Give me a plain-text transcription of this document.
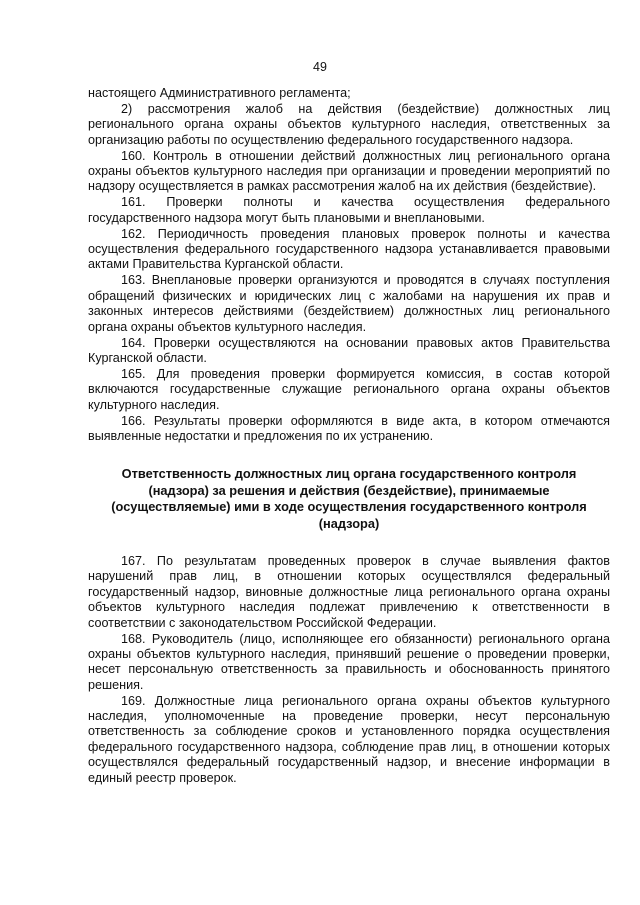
49
настоящего Административного регламента;
2) рассмотрения жалоб на действия (бездействие) должностных лиц регионального органа охраны объектов культурного наследия, ответственных за организацию работы по осуществлению федерального государственного надзора.
160. Контроль в отношении действий должностных лиц регионального органа охраны объектов культурного наследия при организации и проведении мероприятий по надзору осуществляется в рамках рассмотрения жалоб на их действия (бездействие).
161. Проверки полноты и качества осуществления федерального государственного надзора могут быть плановыми и внеплановыми.
162. Периодичность проведения плановых проверок полноты и качества осуществления федерального государственного надзора устанавливается правовыми актами Правительства Курганской области.
163. Внеплановые проверки организуются и проводятся в случаях поступления обращений физических и юридических лиц с жалобами на нарушения их прав и законных интересов действиями (бездействием) должностных лиц регионального органа охраны объектов культурного наследия.
164. Проверки осуществляются на основании правовых актов Правительства Курганской области.
165. Для проведения проверки формируется комиссия, в состав которой включаются государственные служащие регионального органа охраны объектов культурного наследия.
166. Результаты проверки оформляются в виде акта, в котором отмечаются выявленные недостатки и предложения по их устранению.
Ответственность должностных лиц органа государственного контроля (надзора) за решения и действия (бездействие), принимаемые (осуществляемые) ими в ходе осуществления государственного контроля (надзора)
167. По результатам проведенных проверок в случае выявления фактов нарушений прав лиц, в отношении которых осуществлялся федеральный государственный надзор, виновные должностные лица регионального органа охраны объектов культурного наследия подлежат привлечению к ответственности в соответствии с законодательством Российской Федерации.
168. Руководитель (лицо, исполняющее его обязанности) регионального органа охраны объектов культурного наследия, принявший решение о проведении проверки, несет персональную ответственность за правильность и обоснованность принятого решения.
169. Должностные лица регионального органа охраны объектов культурного наследия, уполномоченные на проведение проверки, несут персональную ответственность за соблюдение сроков и установленного порядка осуществления федерального государственного надзора, соблюдение прав лиц, в отношении которых осуществлялся федеральный государственный надзор, и внесение информации в единый реестр проверок.
